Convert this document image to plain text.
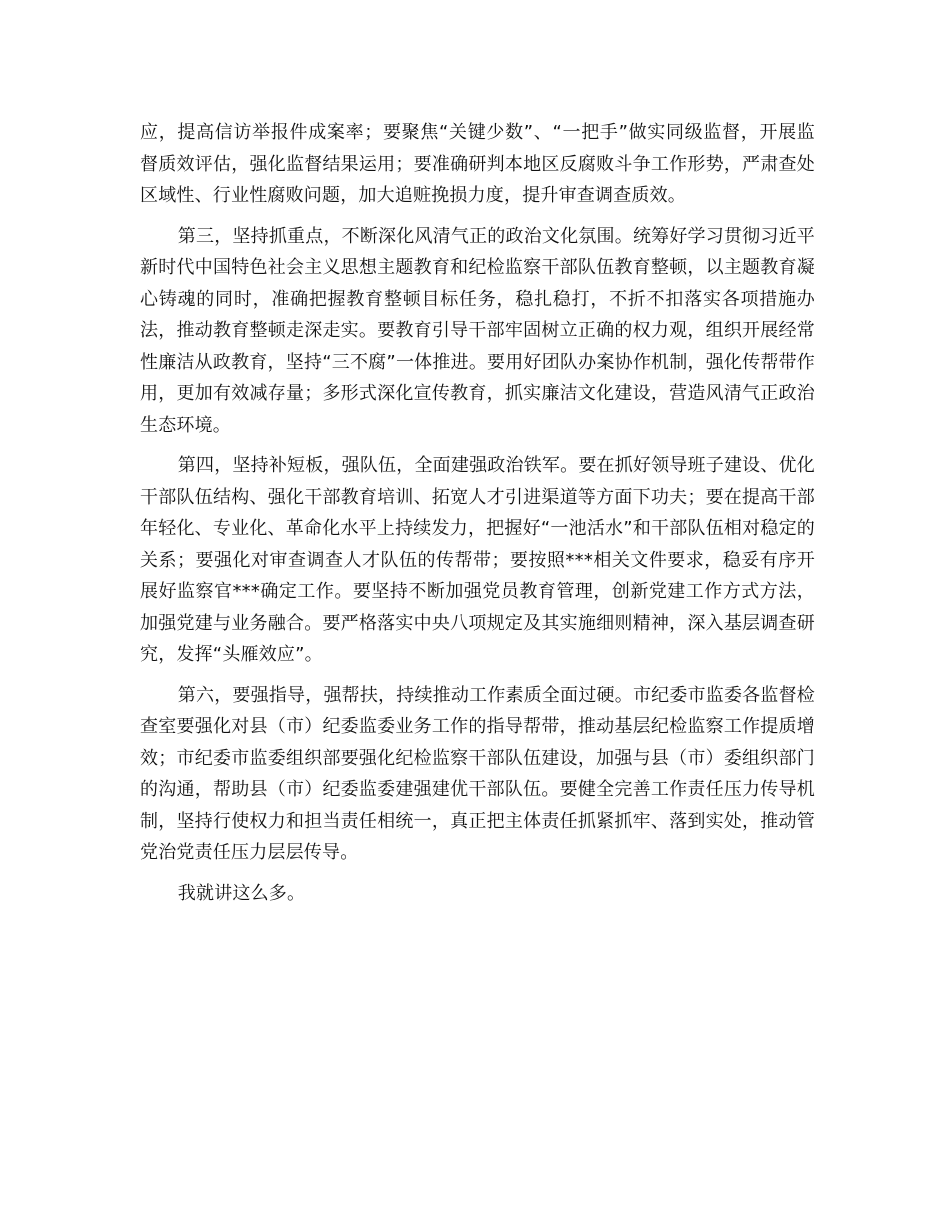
应，提高信访举报件成案率；要聚焦“关键少数”、“一把手”做实同级监督，开展监督质效评估，强化监督结果运用；要准确研判本地区反腐败斗争工作形势，严肃查处区域性、行业性腐败问题，加大追赃挽损力度，提升审查调查质效。

第三，坚持抓重点，不断深化风清气正的政治文化氛围。统筹好学习贯彻习近平新时代中国特色社会主义思想主题教育和纪检监察干部队伍教育整顿，以主题教育凝心铸魂的同时，准确把握教育整顿目标任务，稳扎稳打，不折不扣落实各项措施办法，推动教育整顿走深走实。要教育引导干部牢固树立正确的权力观，组织开展经常性廉洁从政教育，坚持“三不腐”一体推进。要用好团队办案协作机制，强化传帮带作用，更加有效减存量；多形式深化宣传教育，抓实廉洁文化建设，营造风清气正政治生态环境。

第四，坚持补短板，强队伍，全面建强政治铁军。要在抓好领导班子建设、优化干部队伍结构、强化干部教育培训、拓宽人才引进渠道等方面下功夫；要在提高干部年轻化、专业化、革命化水平上持续发力，把握好“一池活水”和干部队伍相对稳定的关系；要强化对审查调查人才队伍的传帮带；要按照***相关文件要求，稳妥有序开展好监察官***确定工作。要坚持不断加强党员教育管理，创新党建工作方式方法，加强党建与业务融合。要严格落实中央八项规定及其实施细则精神，深入基层调查研究，发挥“头雁效应”。

第六，要强指导，强帮扶，持续推动工作素质全面过硬。市纪委市监委各监督检查室要强化对县（市）纪委监委业务工作的指导帮带，推动基层纪检监察工作提质增效；市纪委市监委组织部要强化纪检监察干部队伍建设，加强与县（市）委组织部门的沟通，帮助县（市）纪委监委建强建优干部队伍。要健全完善工作责任压力传导机制，坚持行使权力和担当责任相统一，真正把主体责任抓紧抓牢、落到实处，推动管党治党责任压力层层传导。

我就讲这么多。
